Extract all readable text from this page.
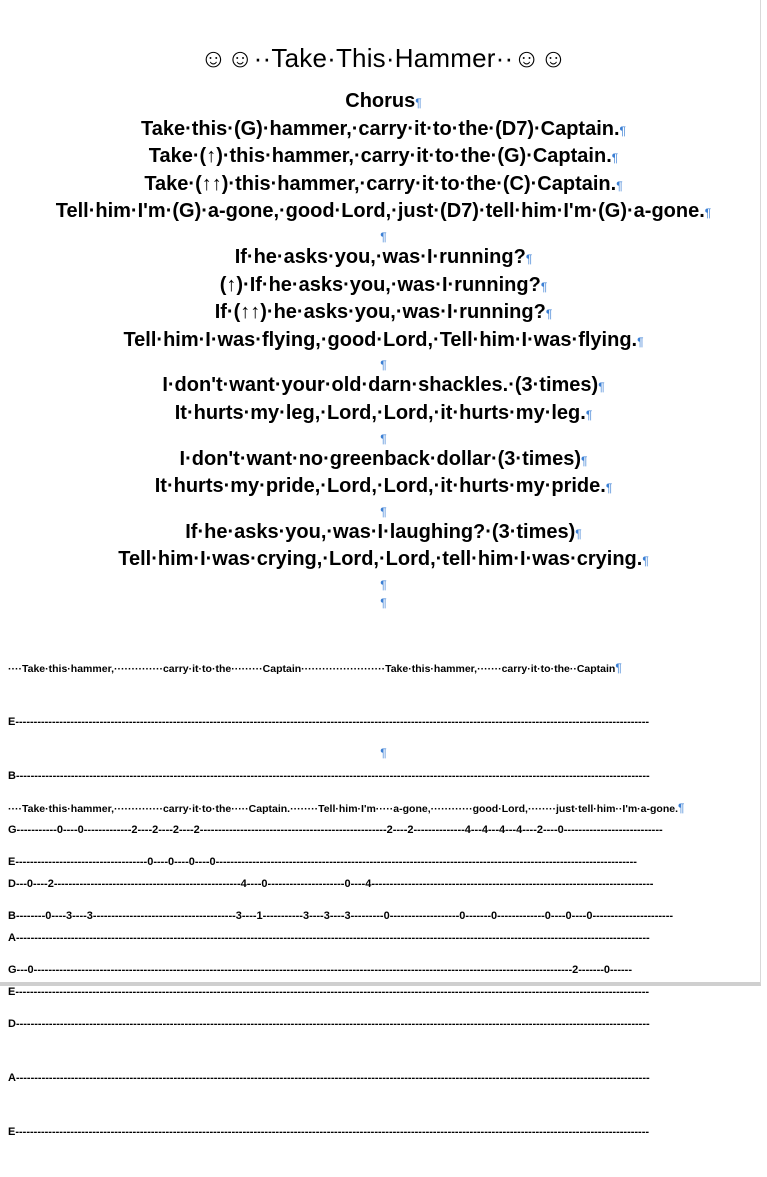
☺☺··Take·This·Hammer··☺☺
Chorus¶
Take·this·(G)·hammer,·carry·it·to·the·(D7)·Captain.¶
Take·(↑)·this·hammer,·carry·it·to·the·(G)·Captain.¶
Take·(↑↑)·this·hammer,·carry·it·to·the·(C)·Captain.¶
Tell·him·I'm·(G)·a-gone,·good·Lord,·just·(D7)·tell·him·I'm·(G)·a-gone.¶
¶
If·he·asks·you,·was·I·running?¶
(↑)·If·he·asks·you,·was·I·running?¶
If·(↑↑)·he·asks·you,·was·I·running?¶
Tell·him·I·was·flying,·good·Lord,·Tell·him·I·was·flying.¶
¶
I·don't·want·your·old·darn·shackles.·(3·times)¶
It·hurts·my·leg,·Lord,·Lord,·it·hurts·my·leg.¶
¶
I·don't·want·no·greenback·dollar·(3·times)¶
It·hurts·my·pride,·Lord,·Lord,·it·hurts·my·pride.¶
¶
If·he·asks·you,·was·I·laughing?·(3·times)¶
Tell·him·I·was·crying,·Lord,·Lord,·tell·him·I·was·crying.¶
¶
¶

····Take·this·hammer,··············carry·it·to·the·········Captain························Take·this·hammer,·······carry·it·to·the··Captain¶

E-----------------------------------------------------------------------------------------------------------------------------------------------------------------------------

B-----------------------------------------------------------------------------------------------------------------------------------------------------------------------------

G-----------0----0-------------2----2----2----2---------------------------------------------------2----2--------------4---4---4---4----2----0---------------------------

D---0----2---------------------------------------------------4----0---------------------0----4-----------------------------------------------------------------------------

A-----------------------------------------------------------------------------------------------------------------------------------------------------------------------------

E-----------------------------------------------------------------------------------------------------------------------------------------------------------------------------

¶

····Take·this·hammer,··············carry·it·to·the·····Captain.········Tell·him·I'm·····a-gone,············good·Lord,········just·tell·him··I'm·a-gone.¶

E------------------------------------0----0----0----0-------------------------------------------------------------------------------------------------------------------

B--------0----3----3---------------------------------------3----1-----------3----3----3---------0-------------------0-------0-------------0----0----0----------------------

G---0---------------------------------------------------------------------------------------------------------------------------------------------------2-------0------

D-----------------------------------------------------------------------------------------------------------------------------------------------------------------------------

A-----------------------------------------------------------------------------------------------------------------------------------------------------------------------------

E-----------------------------------------------------------------------------------------------------------------------------------------------------------------------------
